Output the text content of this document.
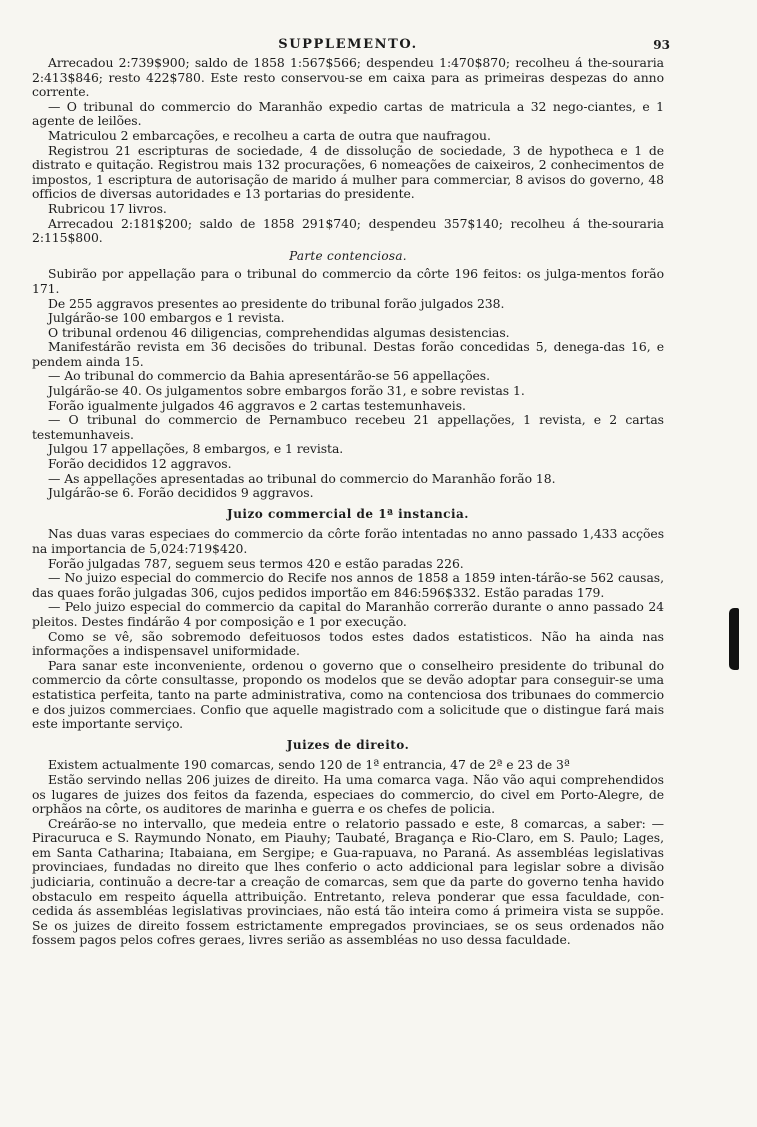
SUPPLEMENTO.	93

Arrecadou 2:739$900; saldo de 1858 1:567$566; despendeu 1:470$870; recolheu á the-souraria 2:413$846; resto 422$780. Este resto conservou-se em caixa para as primeiras despezas do anno corrente.

— O tribunal do commercio do Maranhão expedio cartas de matricula a 32 nego-ciantes, e 1 agente de leilões.

Matriculou 2 embarcações, e recolheu a carta de outra que naufragou.

Registrou 21 escripturas de sociedade, 4 de dissolução de sociedade, 3 de hypotheca e 1 de distrato e quitação. Registrou mais 132 procurações, 6 nomeações de caixeiros, 2 conhecimentos de impostos, 1 escriptura de autorisação de marido á mulher para commerciar, 8 avisos do governo, 48 officios de diversas autoridades e 13 portarias do presidente.

Rubricou 17 livros.

Arrecadou 2:181$200; saldo de 1858 291$740; despendeu 357$140; recolheu á the-souraria 2:115$800.

Parte contenciosa.

Subirão por appellação para o tribunal do commercio da côrte 196 feitos: os julga-mentos forão 171.

De 255 aggravos presentes ao presidente do tribunal forão julgados 238.

Julgárão-se 100 embargos e 1 revista.

O tribunal ordenou 46 diligencias, comprehendidas algumas desistencias.

Manifestárão revista em 36 decisões do tribunal. Destas forão concedidas 5, denega-das 16, e pendem ainda 15.

— Ao tribunal do commercio da Bahia apresentárão-se 56 appellações.

Julgárão-se 40. Os julgamentos sobre embargos forão 31, e sobre revistas 1.

Forão igualmente julgados 46 aggravos e 2 cartas testemunhaveis.

— O tribunal do commercio de Pernambuco recebeu 21 appellações, 1 revista, e 2 cartas testemunhaveis.

Julgou 17 appellações, 8 embargos, e 1 revista.

Forão decididos 12 aggravos.

— As appellações apresentadas ao tribunal do commercio do Maranhão forão 18.

Julgárão-se 6. Forão decididos 9 aggravos.

Juizo commercial de 1ª instancia.

Nas duas varas especiaes do commercio da côrte forão intentadas no anno passado 1,433 acções na importancia de 5,024:719$420.

Forão julgadas 787, seguem seus termos 420 e estão paradas 226.

— No juizo especial do commercio do Recife nos annos de 1858 a 1859 inten-tárão-se 562 causas, das quaes forão julgadas 306, cujos pedidos importão em 846:596$332. Estão paradas 179.

— Pelo juizo especial do commercio da capital do Maranhão correrão durante o anno passado 24 pleitos. Destes findárão 4 por composição e 1 por execução.

Como se vê, são sobremodo defeituosos todos estes dados estatisticos. Não ha ainda nas informações a indispensavel uniformidade.

Para sanar este inconveniente, ordenou o governo que o conselheiro presidente do tribunal do commercio da côrte consultasse, propondo os modelos que se devão adoptar para conseguir-se uma estatistica perfeita, tanto na parte administrativa, como na contenciosa dos tribunaes do commercio e dos juizos commerciaes. Confio que aquelle magistrado com a solicitude que o distingue fará mais este importante serviço.

Juizes de direito.

Existem actualmente 190 comarcas, sendo 120 de 1ª entrancia, 47 de 2ª e 23 de 3ª

Estão servindo nellas 206 juizes de direito. Ha uma comarca vaga. Não vão aqui comprehendidos os lugares de juizes dos feitos da fazenda, especiaes do commercio, do civel em Porto-Alegre, de orphãos na côrte, os auditores de marinha e guerra e os chefes de policia.

Creárão-se no intervallo, que medeia entre o relatorio passado e este, 8 comarcas, a saber: — Piracuruca e S. Raymundo Nonato, em Piauhy; Taubaté, Bragança e Rio-Claro, em S. Paulo; Lages, em Santa Catharina; Itabaiana, em Sergipe; e Gua-rapuava, no Paraná. As assembléas legislativas provinciaes, fundadas no direito que lhes conferio o acto addicional para legislar sobre a divisão judiciaria, continuão a decre-tar a creação de comarcas, sem que da parte do governo tenha havido obstaculo em respeito áquella attribuição. Entretanto, releva ponderar que essa faculdade, con-cedida ás assembléas legislativas provinciaes, não está tão inteira como á primeira vista se suppõe. Se os juizes de direito fossem estrictamente empregados provinciaes, se os seus ordenados não fossem pagos pelos cofres geraes, livres serião as assembléas no uso dessa faculdade.
